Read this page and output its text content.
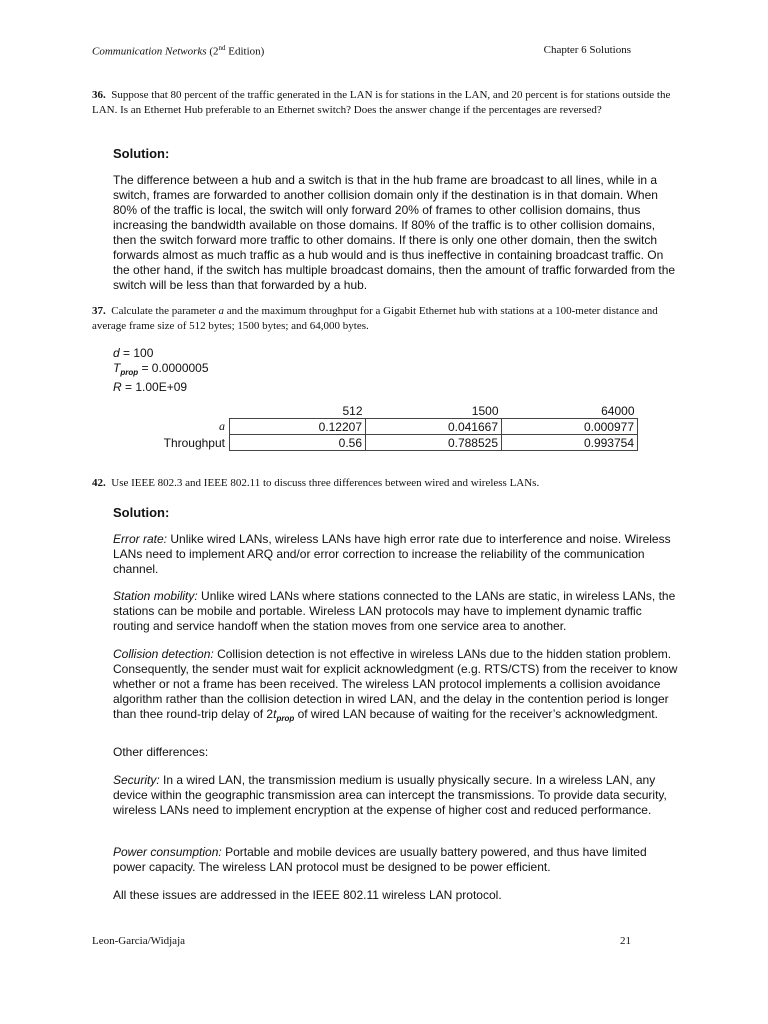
Communication Networks (2nd Edition)	Chapter 6 Solutions
36. Suppose that 80 percent of the traffic generated in the LAN is for stations in the LAN, and 20 percent is for stations outside the LAN. Is an Ethernet Hub preferable to an Ethernet switch? Does the answer change if the percentages are reversed?
Solution:

The difference between a hub and a switch is that in the hub frame are broadcast to all lines, while in a switch, frames are forwarded to another collision domain only if the destination is in that domain. When 80% of the traffic is local, the switch will only forward 20% of frames to other collision domains, thus increasing the bandwidth available on those domains. If 80% of the traffic is to other collision domains, then the switch forward more traffic to other domains. If there is only one other domain, then the switch forwards almost as much traffic as a hub would and is thus ineffective in containing broadcast traffic. On the other hand, if the switch has multiple broadcast domains, then the amount of traffic forwarded from the switch will be less than that forwarded by a hub.

37. Calculate the parameter a and the maximum throughput for a Gigabit Ethernet hub with stations at a 100-meter distance and average frame size of 512 bytes; 1500 bytes; and 64,000 bytes.
d = 100
$T_{prop} = 0.0000005$
R = 1.00E+09
	512	1500	64000
a	0.12207	0.041667	0.000977
Throughput	0.56	0.788525	0.993754
42. Use IEEE 802.3 and IEEE 802.11 to discuss three differences between wired and wireless LANs.
Solution:

Error rate: Unlike wired LANs, wireless LANs have high error rate due to interference and noise. Wireless LANs need to implement ARQ and/or error correction to increase the reliability of the communication channel.

Station mobility: Unlike wired LANs where stations connected to the LANs are static, in wireless LANs, the stations can be mobile and portable. Wireless LAN protocols may have to implement dynamic traffic routing and service handoff when the station moves from one service area to another.

Collision detection: Collision detection is not effective in wireless LANs due to the hidden station problem. Consequently, the sender must wait for explicit acknowledgment (e.g. RTS/CTS) from the receiver to know whether or not a frame has been received. The wireless LAN protocol implements a collision avoidance algorithm rather than the collision detection in wired LAN, and the delay in the contention period is longer than thee round-trip delay of $2t_{prop}$ of wired LAN because of waiting for the receiver’s acknowledgment.

Other differences:

Security: In a wired LAN, the transmission medium is usually physically secure. In a wireless LAN, any device within the geographic transmission area can intercept the transmissions. To provide data security, wireless LANs need to implement encryption at the expense of higher cost and reduced performance.

Power consumption: Portable and mobile devices are usually battery powered, and thus have limited power capacity. The wireless LAN protocol must be designed to be power efficient.

All these issues are addressed in the IEEE 802.11 wireless LAN protocol.
Leon-Garcia/Widjaja	21
